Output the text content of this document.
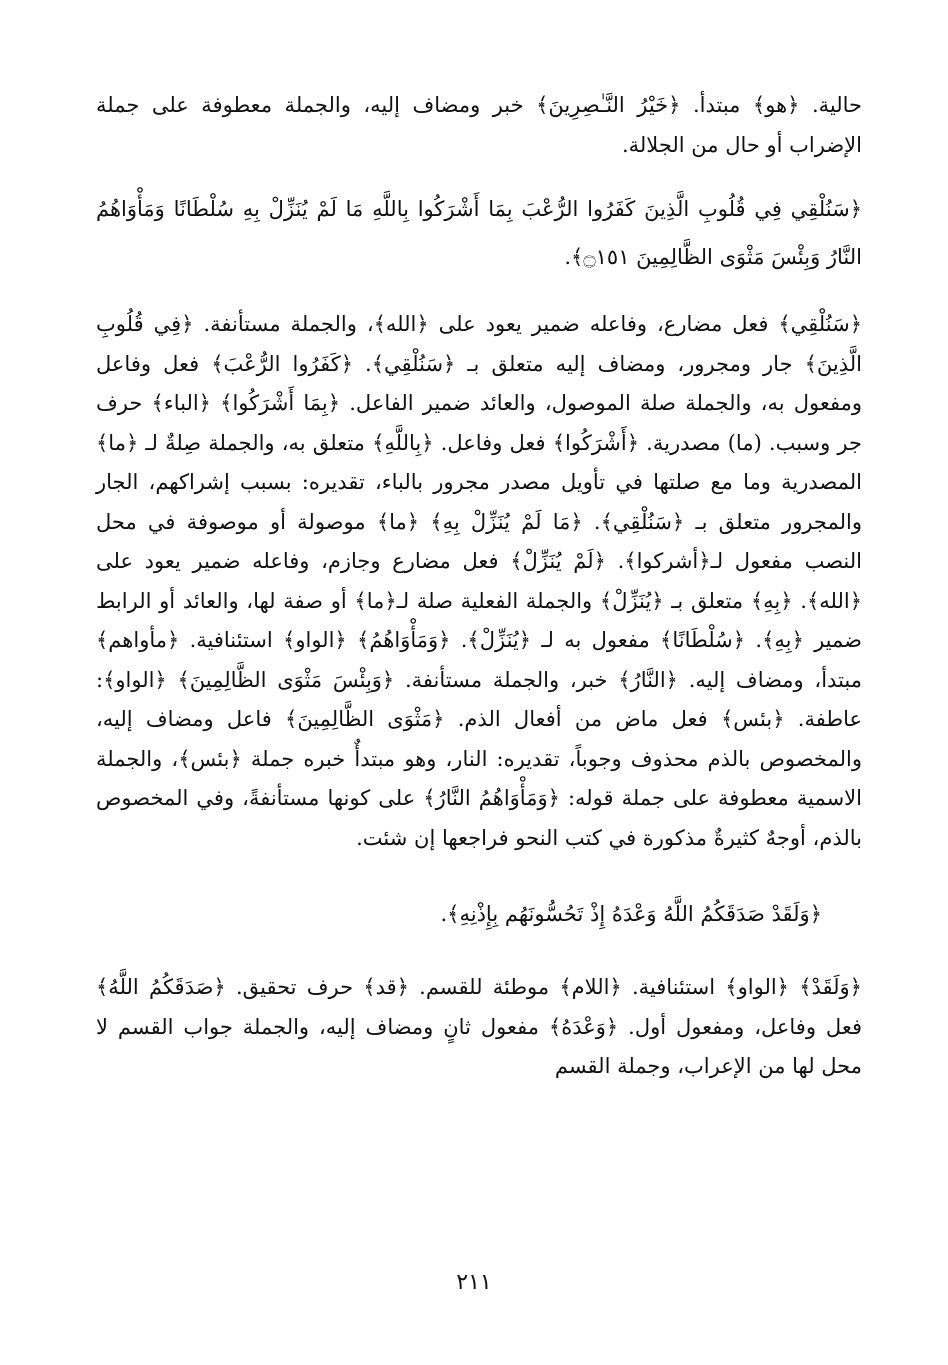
حالية. ﴿هو﴾ مبتدأ. ﴿خَيْرُ النَّـٰصِرِينَ﴾ خبر ومضاف إليه، والجملة معطوفة على جملة الإضراب أو حال من الجلالة.

﴿سَنُلْقِي فِي قُلُوبِ الَّذِينَ كَفَرُوا الرُّعْبَ بِمَا أَشْرَكُوا بِاللَّهِ مَا لَمْ يُنَزِّلْ بِهِ سُلْطَانًا وَمَأْوَاهُمُ النَّارُ وَبِئْسَ مَثْوَى الظَّالِمِينَ ۝١٥١﴾.

﴿سَنُلْقِي﴾ فعل مضارع، وفاعله ضمير يعود على ﴿الله﴾، والجملة مستأنفة. ﴿فِي قُلُوبِ الَّذِينَ﴾ جار ومجرور، ومضاف إليه متعلق بـ ﴿سَنُلْقِي﴾. ﴿كَفَرُوا الرُّعْبَ﴾ فعل وفاعل ومفعول به، والجملة صلة الموصول، والعائد ضمير الفاعل. ﴿بِمَا أَشْرَكُوا﴾ ﴿الباء﴾ حرف جر وسبب. (ما) مصدرية. ﴿أَشْرَكُوا﴾ فعل وفاعل. ﴿بِاللَّهِ﴾ متعلق به، والجملة صِلةٌ لـ ﴿ما﴾ المصدرية وما مع صلتها في تأويل مصدر مجرور بالباء، تقديره: بسبب إشراكهم، الجار والمجرور متعلق بـ ﴿سَنُلْقِي﴾. ﴿مَا لَمْ يُنَزِّلْ بِهِ﴾ ﴿ما﴾ موصولة أو موصوفة في محل النصب مفعول لـ﴿أشركوا﴾. ﴿لَمْ يُنَزِّلْ﴾ فعل مضارع وجازم، وفاعله ضمير يعود على ﴿الله﴾. ﴿بِهِ﴾ متعلق بـ ﴿يُنَزِّلْ﴾ والجملة الفعلية صلة لـ﴿ما﴾ أو صفة لها، والعائد أو الرابط ضمير ﴿بِهِ﴾. ﴿سُلْطَانًا﴾ مفعول به لـ ﴿يُنَزِّلْ﴾. ﴿وَمَأْوَاهُمُ﴾ ﴿الواو﴾ استئنافية. ﴿مأواهم﴾ مبتدأ، ومضاف إليه. ﴿النَّارُ﴾ خبر، والجملة مستأنفة. ﴿وَبِئْسَ مَثْوَى الظَّالِمِينَ﴾ ﴿الواو﴾: عاطفة. ﴿بئس﴾ فعل ماض من أفعال الذم. ﴿مَثْوَى الظَّالِمِينَ﴾ فاعل ومضاف إليه، والمخصوص بالذم محذوف وجوباً، تقديره: النار، وهو مبتدأٌ خبره جملة ﴿بئس﴾، والجملة الاسمية معطوفة على جملة قوله: ﴿وَمَأْوَاهُمُ النَّارُ﴾ على كونها مستأنفةً، وفي المخصوص بالذم، أوجهٌ كثيرةٌ مذكورة في كتب النحو فراجعها إن شئت.

﴿وَلَقَدْ صَدَقَكُمُ اللَّهُ وَعْدَهُ إِذْ تَحُسُّونَهُم بِإِذْنِهِ﴾.

﴿وَلَقَدْ﴾ ﴿الواو﴾ استئنافية. ﴿اللام﴾ موطئة للقسم. ﴿قد﴾ حرف تحقيق. ﴿صَدَقَكُمُ اللَّهُ﴾ فعل وفاعل، ومفعول أول. ﴿وَعْدَهُ﴾ مفعول ثانٍ ومضاف إليه، والجملة جواب القسم لا محل لها من الإعراب، وجملة القسم

٢١١
